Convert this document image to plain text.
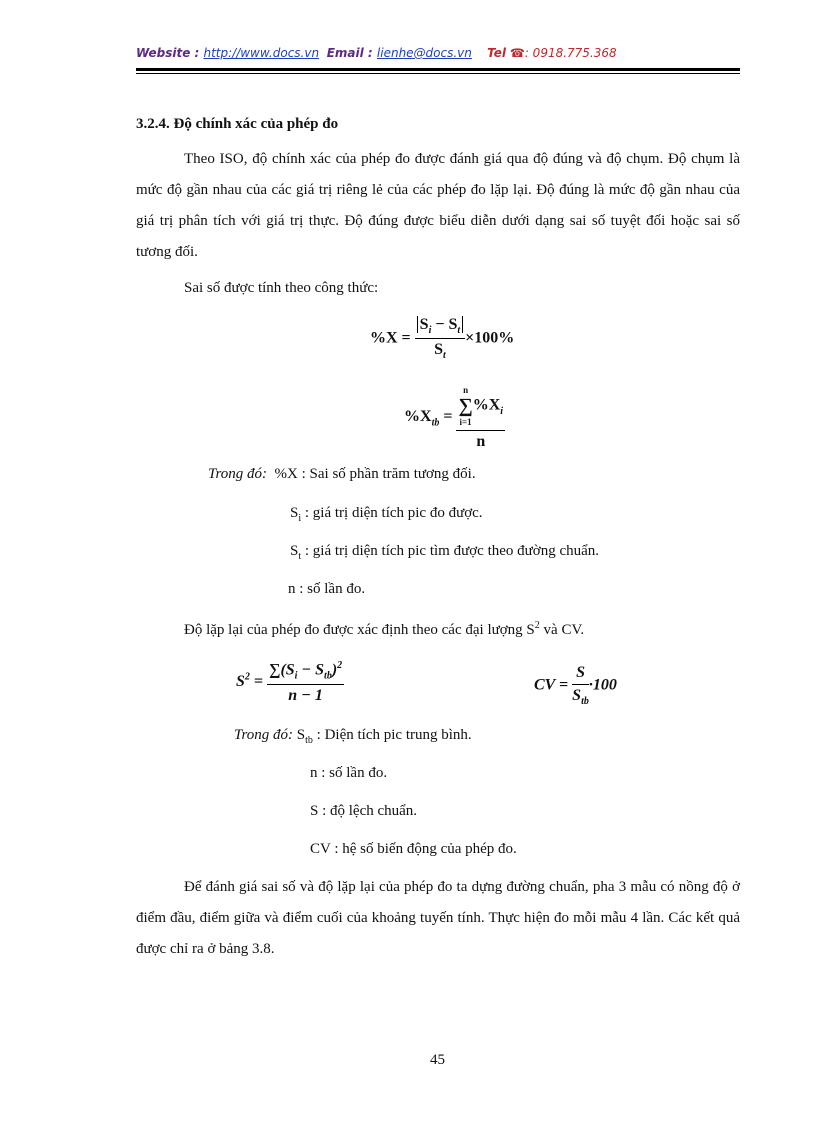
Website : http://www.docs.vn Email : lienhe@docs.vn Tel ☎: 0918.775.368
3.2.4. Độ chính xác của phép đo
Theo ISO, độ chính xác của phép đo được đánh giá qua độ đúng và độ chụm. Độ chụm là mức độ gần nhau của các giá trị riêng lẻ của các phép đo lặp lại. Độ đúng là mức độ gần nhau của giá trị phân tích với giá trị thực. Độ đúng được biểu diễn dưới dạng sai số tuyệt đối hoặc sai số tương đối.
Sai số được tính theo công thức:
$\%X = \frac{S_i - S_t}{S_t} \times 100\%$
$\%X_{tb} = n$
∑
i=1
$\%X_i$
n
Trong đó: %X : Sai số phần trăm tương đối.
$S_i$ : giá trị diện tích pic đo được.
$S_t$ : giá trị diện tích pic tìm được theo đường chuẩn.
n : số lần đo.
Độ lặp lại của phép đo được xác định theo các đại lượng $S^2$ và CV.
$S^2 = \frac{\sum(S_i - S_{tb})^2}{n - 1}$	CV = $\frac{S}{S_{tb}} \cdot 100$
Trong đó: $S_{tb}$ : Diện tích pic trung bình.
n : số lần đo.
S : độ lệch chuẩn.
CV : hệ số biến động của phép đo.
Để đánh giá sai số và độ lặp lại của phép đo ta dựng đường chuẩn, pha 3 mẫu có nồng độ ở điểm đầu, điểm giữa và điểm cuối của khoảng tuyến tính. Thực hiện đo mỗi mẫu 4 lần. Các kết quả được chỉ ra ở bảng 3.8.
45
